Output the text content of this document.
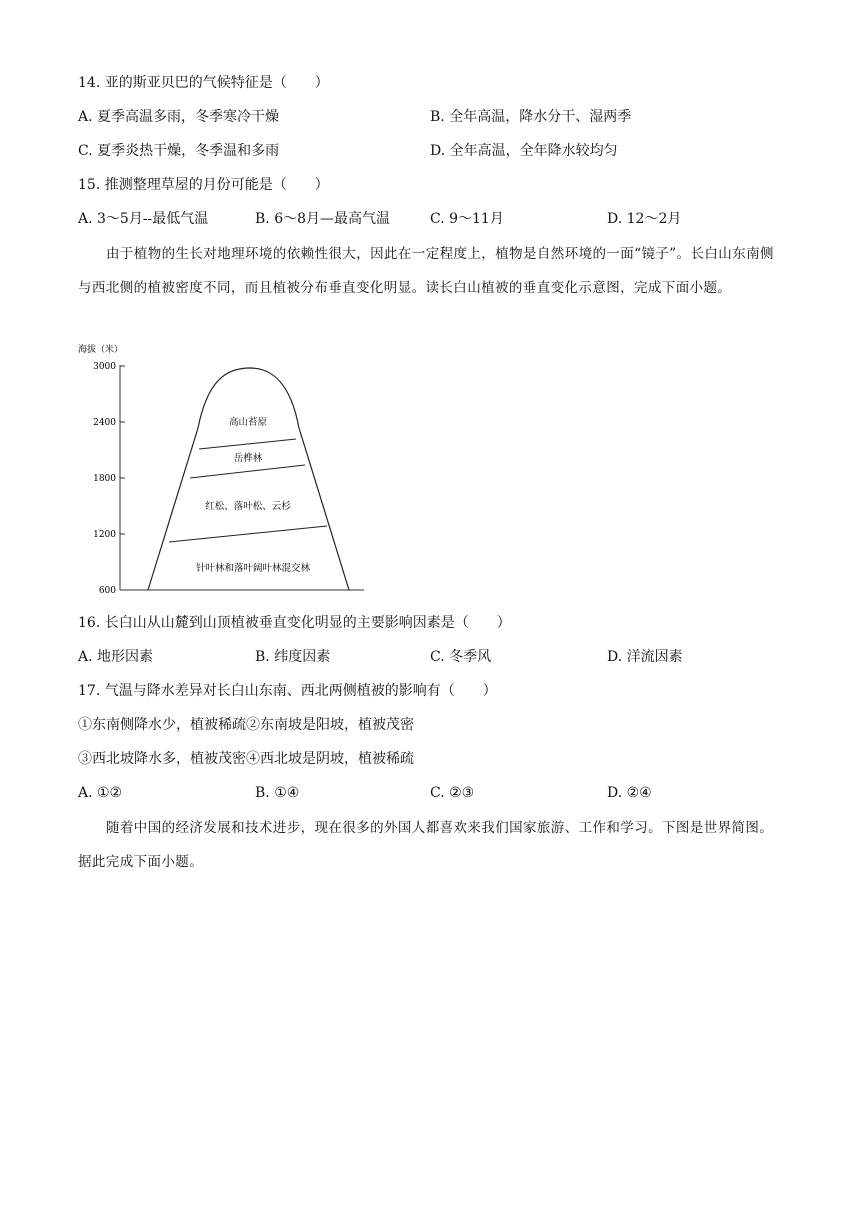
14. 亚的斯亚贝巴的气候特征是（　　）
A. 夏季高温多雨，冬季寒冷干燥	B. 全年高温，降水分干、湿两季
C. 夏季炎热干燥，冬季温和多雨	D. 全年高温，全年降水较均匀
15. 推测整理草屋的月份可能是（　　）
A. 3～5月--最低气温	B. 6～8月—最高气温	C. 9～11月	D. 12～2月
由于植物的生长对地理环境的依赖性很大，因此在一定程度上，植物是自然环境的一面“镜子”。长白山东南侧与西北侧的植被密度不同，而且植被分布垂直变化明显。读长白山植被的垂直变化示意图，完成下面小题。
海拔（米）
3000
2400
1800
1200
600
高山苔原
岳桦林
红松、落叶松、云杉
针叶林和落叶阔叶林混交林
16. 长白山从山麓到山顶植被垂直变化明显的主要影响因素是（　　）
A. 地形因素	B. 纬度因素	C. 冬季风	D. 洋流因素
17. 气温与降水差异对长白山东南、西北两侧植被的影响有（　　）
①东南侧降水少，植被稀疏②东南坡是阳坡，植被茂密
③西北坡降水多，植被茂密④西北坡是阴坡，植被稀疏
A. ①②	B. ①④	C. ②③	D. ②④
随着中国的经济发展和技术进步，现在很多的外国人都喜欢来我们国家旅游、工作和学习。下图是世界简图。据此完成下面小题。
